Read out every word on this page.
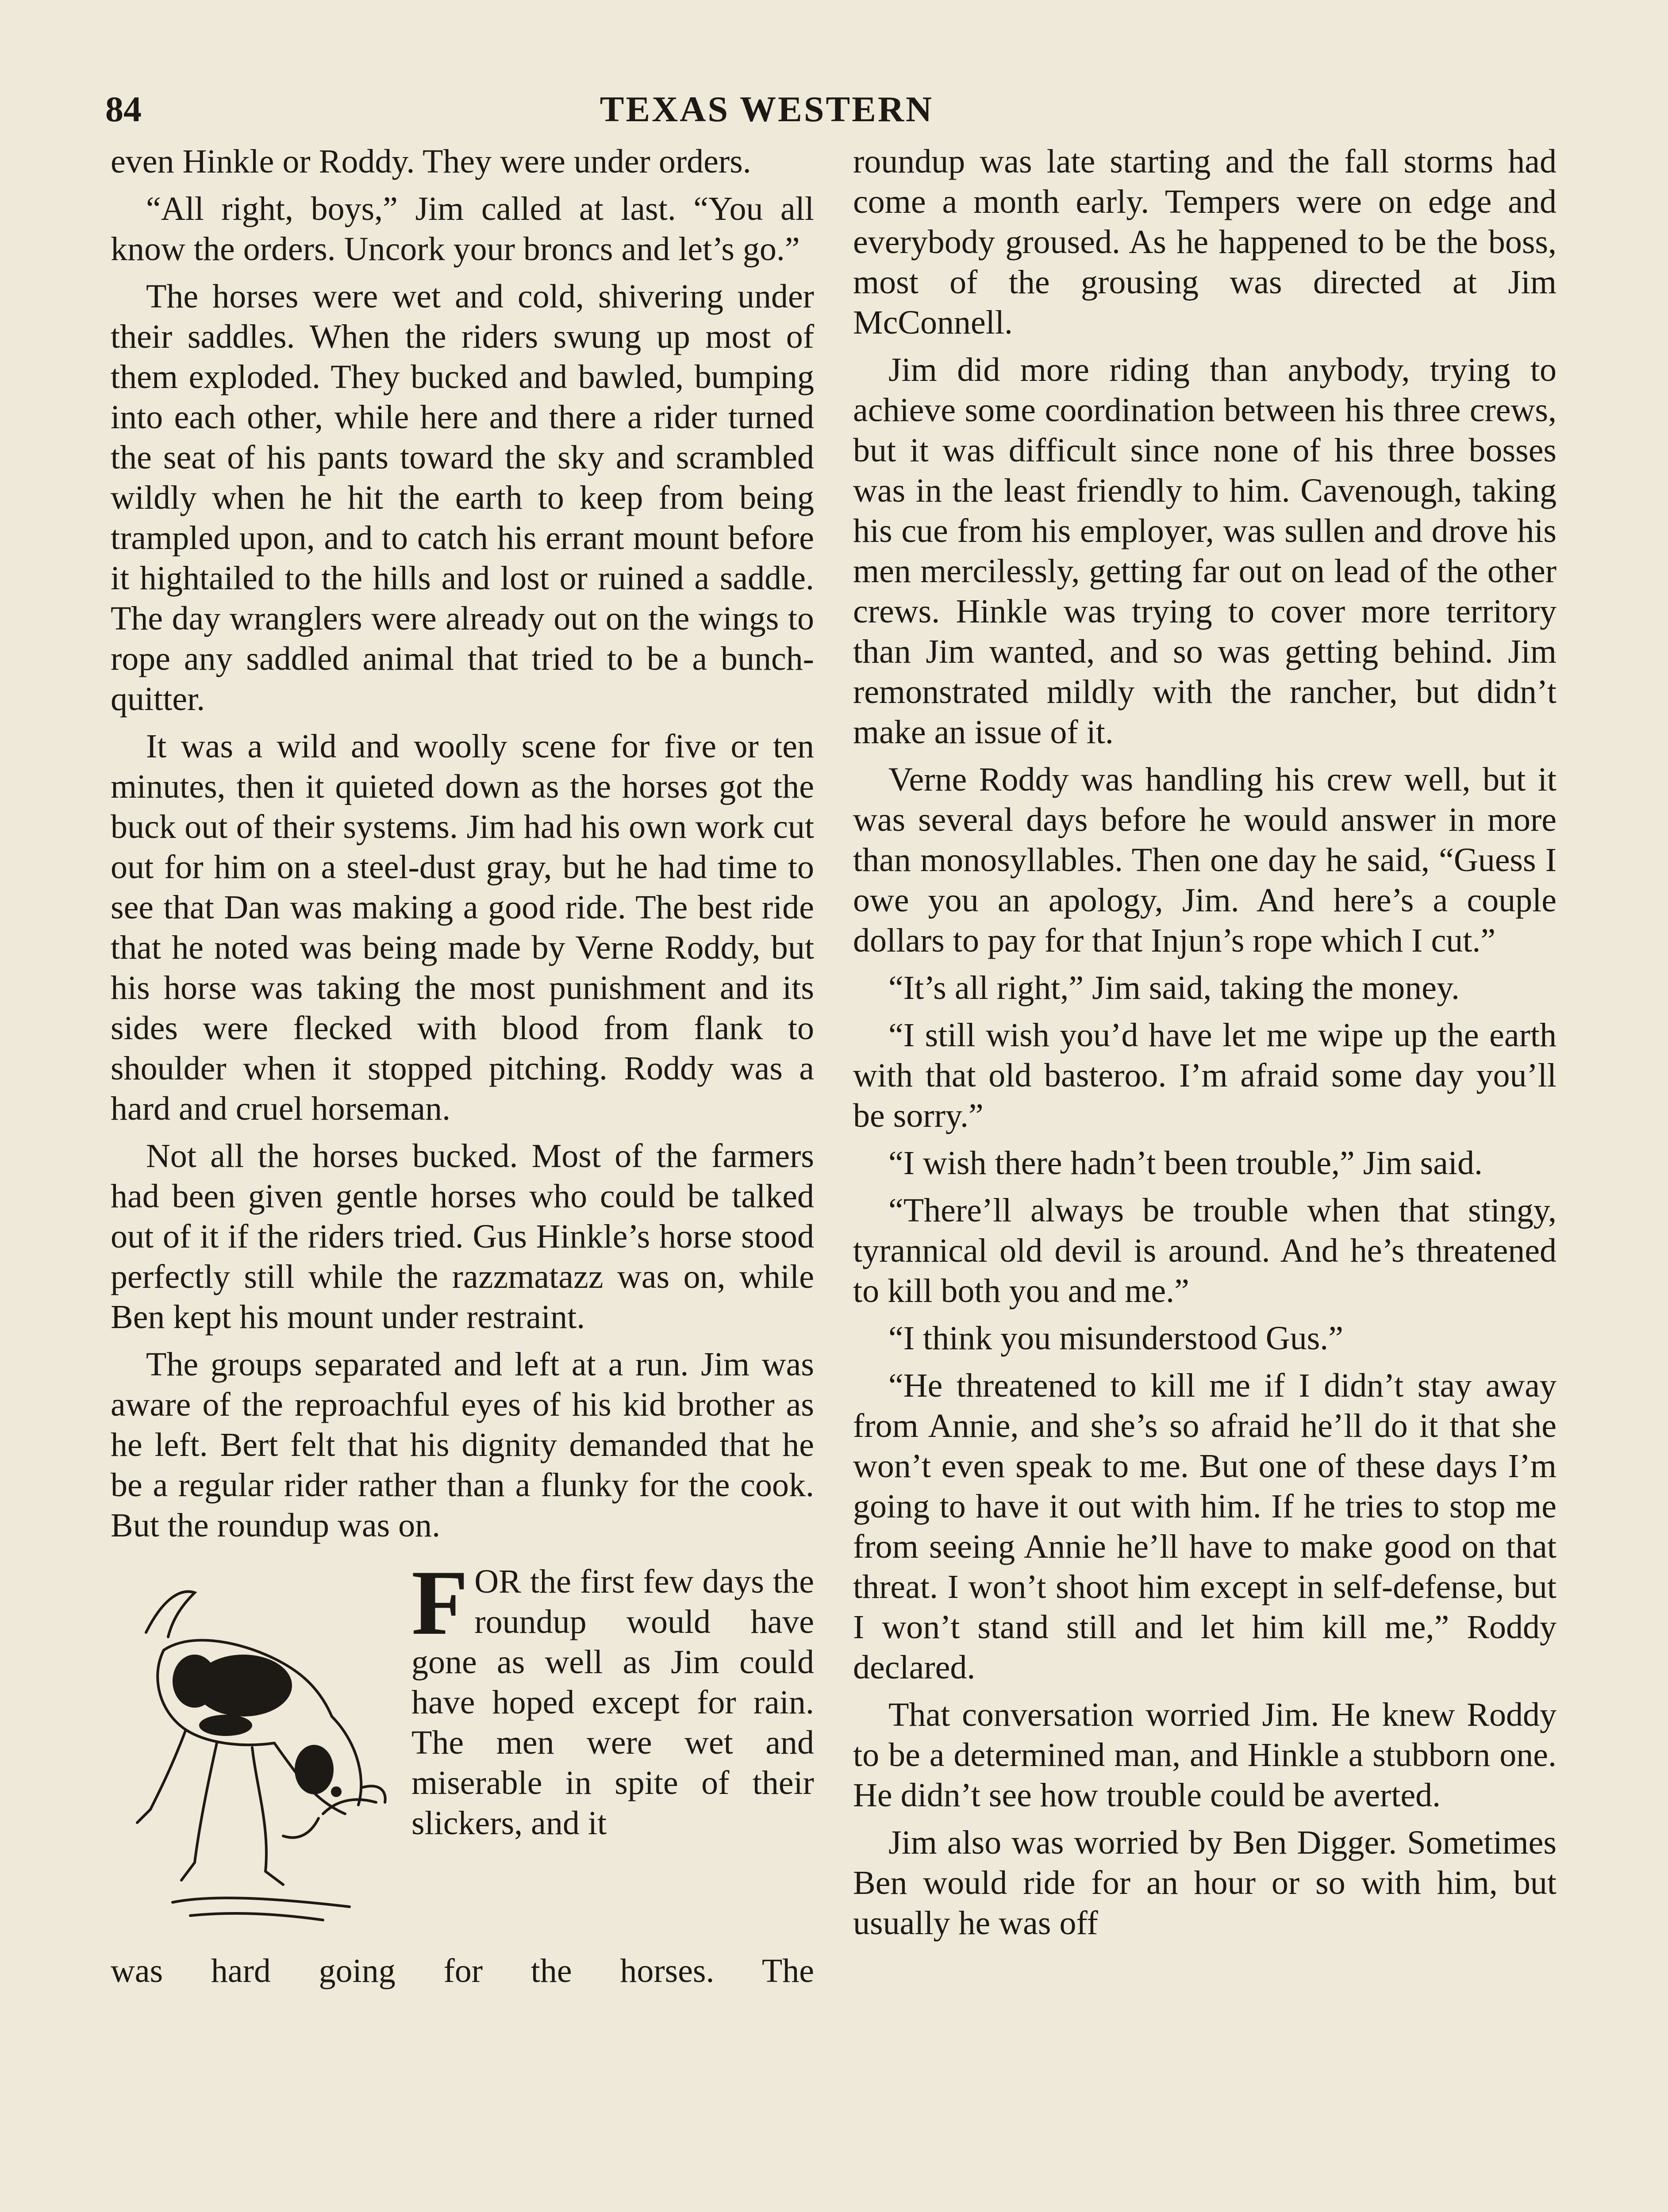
84	TEXAS WESTERN

even Hinkle or Roddy. They were under orders.

“All right, boys,” Jim called at last. “You all know the orders. Uncork your broncs and let’s go.”

The horses were wet and cold, shivering under their saddles. When the riders swung up most of them exploded. They bucked and bawled, bumping into each other, while here and there a rider turned the seat of his pants toward the sky and scrambled wildly when he hit the earth to keep from being trampled upon, and to catch his errant mount before it hightailed to the hills and lost or ruined a saddle. The day wranglers were already out on the wings to rope any saddled animal that tried to be a bunch-quitter.

It was a wild and woolly scene for five or ten minutes, then it quieted down as the horses got the buck out of their systems. Jim had his own work cut out for him on a steel-dust gray, but he had time to see that Dan was making a good ride. The best ride that he noted was being made by Verne Roddy, but his horse was taking the most punishment and its sides were flecked with blood from flank to shoulder when it stopped pitching. Roddy was a hard and cruel horseman.

Not all the horses bucked. Most of the farmers had been given gentle horses who could be talked out of it if the riders tried. Gus Hinkle’s horse stood perfectly still while the razzmatazz was on, while Ben kept his mount under restraint.

The groups separated and left at a run. Jim was aware of the reproachful eyes of his kid brother as he left. Bert felt that his dignity demanded that he be a regular rider rather than a flunky for the cook. But the roundup was on.

FOR the first few days the roundup would have gone as well as Jim could have hoped except for rain. The men were wet and miserable in spite of their slickers, and it

was hard going for the horses. The

roundup was late starting and the fall storms had come a month early. Tempers were on edge and everybody groused. As he happened to be the boss, most of the grousing was directed at Jim McConnell.

Jim did more riding than anybody, trying to achieve some coordination between his three crews, but it was difficult since none of his three bosses was in the least friendly to him. Cavenough, taking his cue from his employer, was sullen and drove his men mercilessly, getting far out on lead of the other crews. Hinkle was trying to cover more territory than Jim wanted, and so was getting behind. Jim remonstrated mildly with the rancher, but didn’t make an issue of it.

Verne Roddy was handling his crew well, but it was several days before he would answer in more than monosyllables. Then one day he said, “Guess I owe you an apology, Jim. And here’s a couple dollars to pay for that Injun’s rope which I cut.”

“It’s all right,” Jim said, taking the money.

“I still wish you’d have let me wipe up the earth with that old basteroo. I’m afraid some day you’ll be sorry.”

“I wish there hadn’t been trouble,” Jim said.

“There’ll always be trouble when that stingy, tyrannical old devil is around. And he’s threatened to kill both you and me.”

“I think you misunderstood Gus.”

“He threatened to kill me if I didn’t stay away from Annie, and she’s so afraid he’ll do it that she won’t even speak to me. But one of these days I’m going to have it out with him. If he tries to stop me from seeing Annie he’ll have to make good on that threat. I won’t shoot him except in self-defense, but I won’t stand still and let him kill me,” Roddy declared.

That conversation worried Jim. He knew Roddy to be a determined man, and Hinkle a stubborn one. He didn’t see how trouble could be averted.

Jim also was worried by Ben Digger. Sometimes Ben would ride for an hour or so with him, but usually he was off
